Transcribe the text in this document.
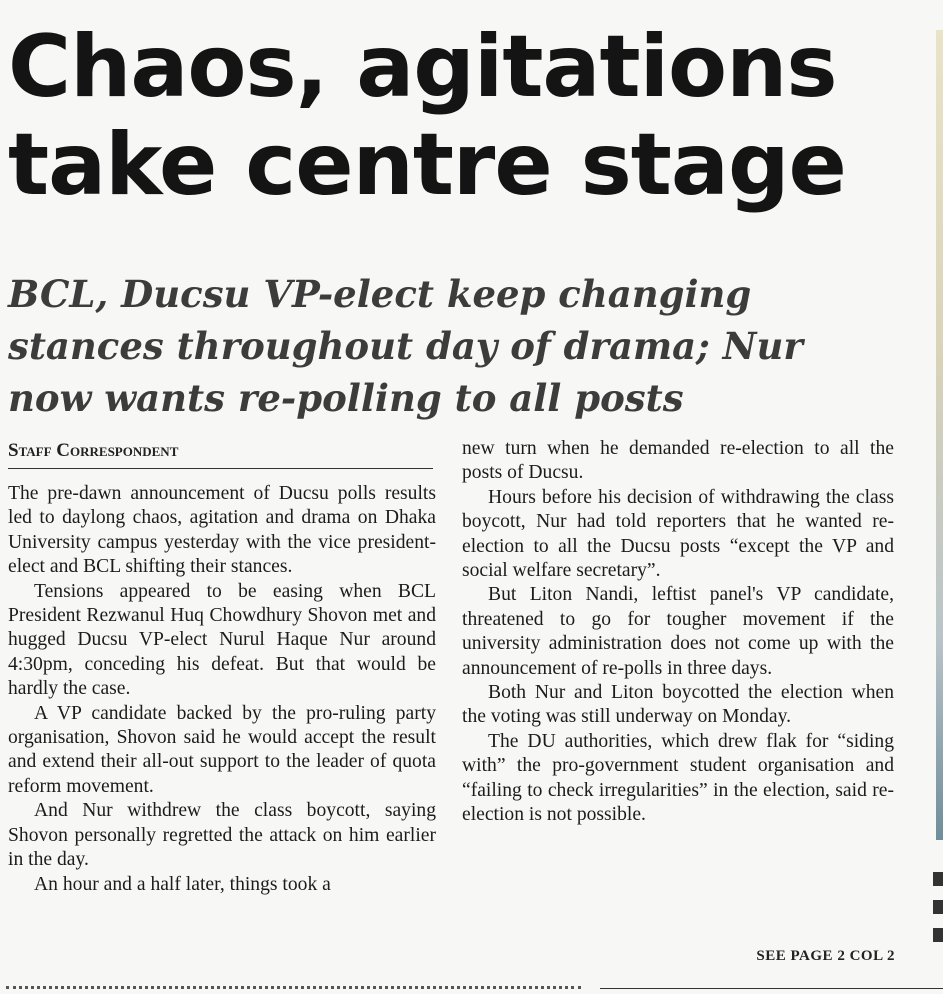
Chaos, agitations
take centre stage
BCL, Ducsu VP-elect keep changing
stances throughout day of drama; Nur
now wants re-polling to all posts
Staff Correspondent

The pre-dawn announcement of Ducsu polls results led to daylong chaos, agitation and drama on Dhaka University campus yesterday with the vice president-elect and BCL shifting their stances.

Tensions appeared to be easing when BCL President Rezwanul Huq Chowdhury Shovon met and hugged Ducsu VP-elect Nurul Haque Nur around 4:30pm, conceding his defeat. But that would be hardly the case.

A VP candidate backed by the pro-ruling party organisation, Shovon said he would accept the result and extend their all-out support to the leader of quota reform movement.

And Nur withdrew the class boycott, saying Shovon personally regretted the attack on him earlier in the day.

An hour and a half later, things took a

new turn when he demanded re-election to all the posts of Ducsu.

Hours before his decision of withdrawing the class boycott, Nur had told reporters that he wanted re-election to all the Ducsu posts “except the VP and social welfare secretary”.

But Liton Nandi, leftist panel's VP candidate, threatened to go for tougher movement if the university administration does not come up with the announcement of re-polls in three days.

Both Nur and Liton boycotted the election when the voting was still underway on Monday.

The DU authorities, which drew flak for “siding with” the pro-government student organisation and “failing to check irregularities” in the election, said re-election is not possible.

SEE PAGE 2 COL 2
